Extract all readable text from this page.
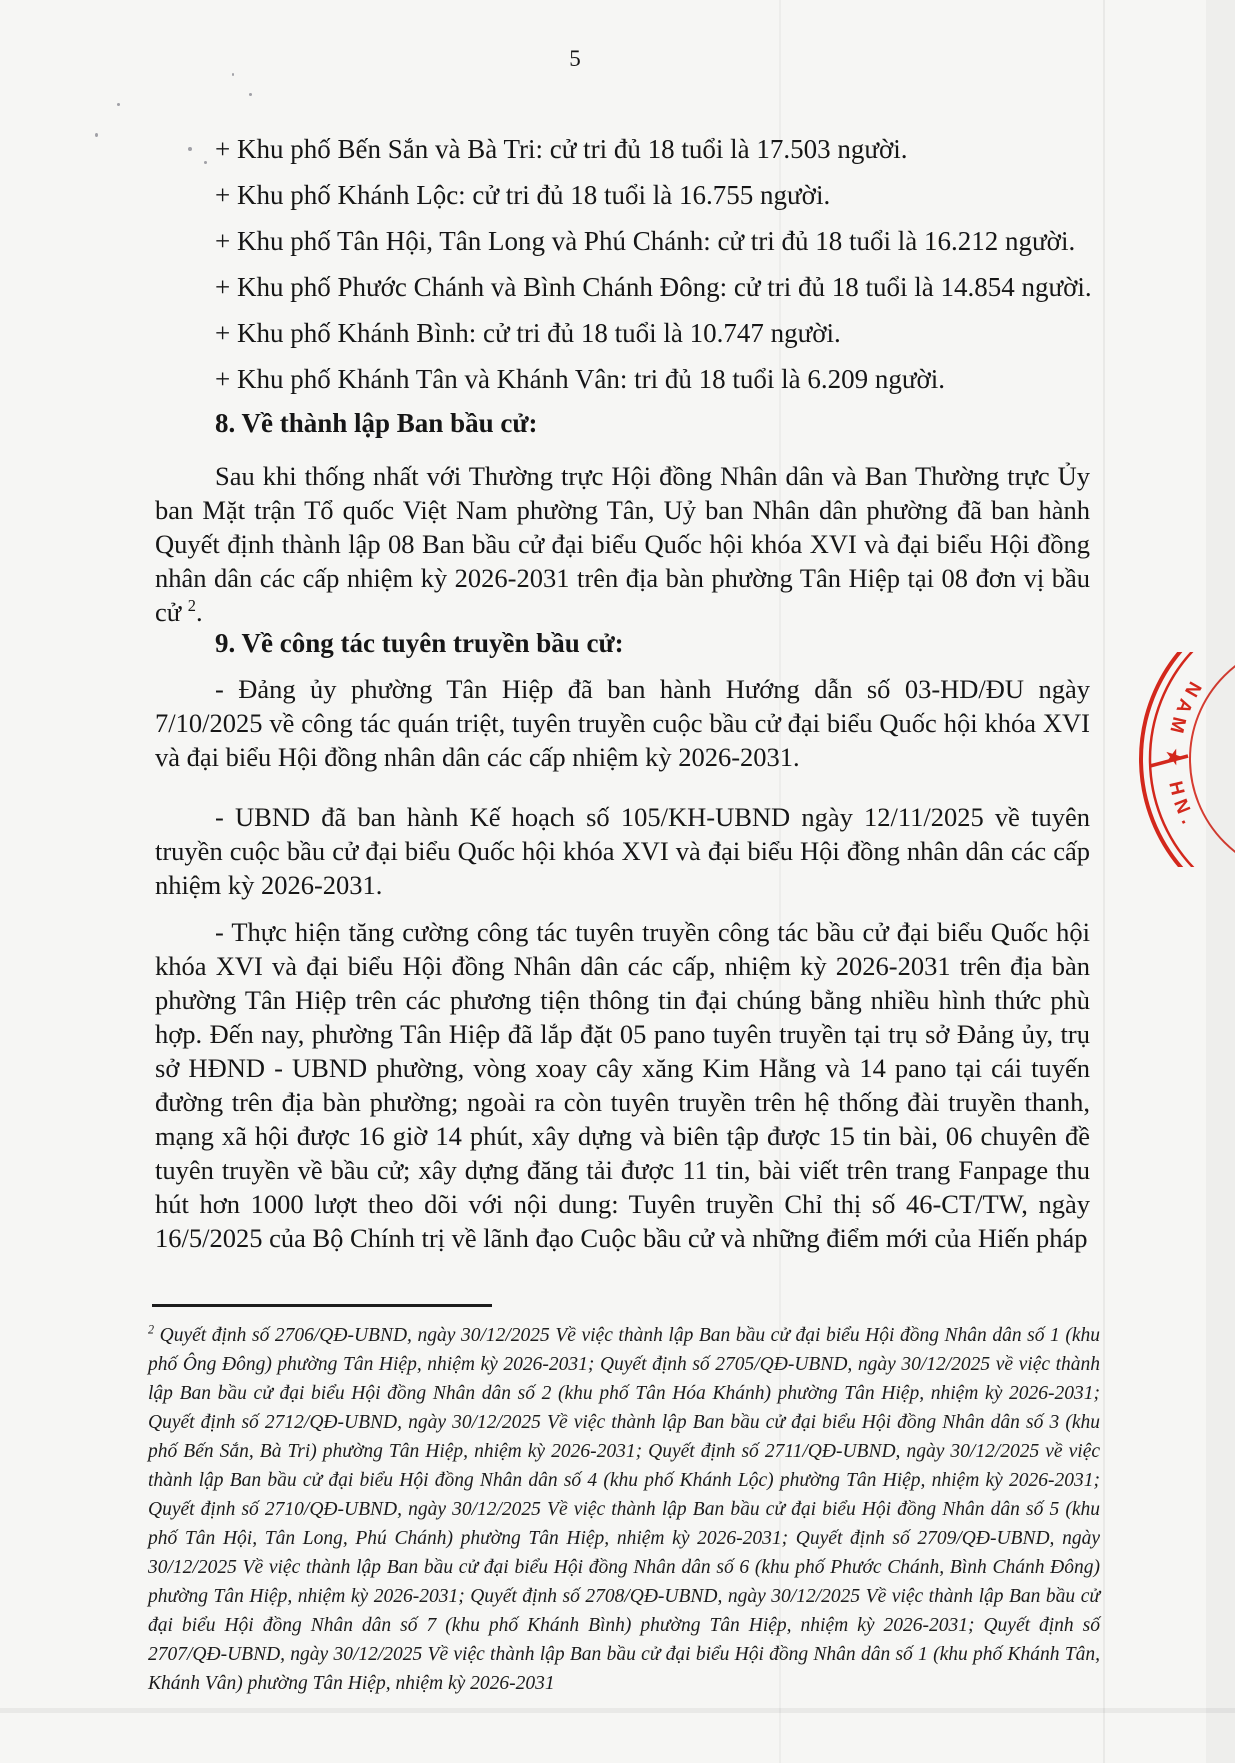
5
+ Khu phố Bến Sắn và Bà Tri: cử tri đủ 18 tuổi là 17.503 người.
+ Khu phố Khánh Lộc: cử tri đủ 18 tuổi là 16.755 người.
+ Khu phố Tân Hội, Tân Long và Phú Chánh: cử tri đủ 18 tuổi là 16.212 người.
+ Khu phố Phước Chánh và Bình Chánh Đông: cử tri đủ 18 tuổi là 14.854 người.
+ Khu phố Khánh Bình: cử tri đủ 18 tuổi là 10.747 người.
+ Khu phố Khánh Tân và Khánh Vân: tri đủ 18 tuổi là 6.209 người.
8. Về thành lập Ban bầu cử:
Sau khi thống nhất với Thường trực Hội đồng Nhân dân và Ban Thường trực Ủy ban Mặt trận Tổ quốc Việt Nam phường Tân, Uỷ ban Nhân dân phường đã ban hành Quyết định thành lập 08 Ban bầu cử đại biểu Quốc hội khóa XVI và đại biểu Hội đồng nhân dân các cấp nhiệm kỳ 2026-2031 trên địa bàn phường Tân Hiệp tại 08 đơn vị bầu cử $^2$.
9. Về công tác tuyên truyền bầu cử:
- Đảng ủy phường Tân Hiệp đã ban hành Hướng dẫn số 03-HD/ĐU ngày 7/10/2025 về công tác quán triệt, tuyên truyền cuộc bầu cử đại biểu Quốc hội khóa XVI và đại biểu Hội đồng nhân dân các cấp nhiệm kỳ 2026-2031.
- UBND đã ban hành Kế hoạch số 105/KH-UBND ngày 12/11/2025 về tuyên truyền cuộc bầu cử đại biểu Quốc hội khóa XVI và đại biểu Hội đồng nhân dân các cấp nhiệm kỳ 2026-2031.
- Thực hiện tăng cường công tác tuyên truyền công tác bầu cử đại biểu Quốc hội khóa XVI và đại biểu Hội đồng Nhân dân các cấp, nhiệm kỳ 2026-2031 trên địa bàn phường Tân Hiệp trên các phương tiện thông tin đại chúng bằng nhiều hình thức phù hợp. Đến nay, phường Tân Hiệp đã lắp đặt 05 pano tuyên truyền tại trụ sở Đảng ủy, trụ sở HĐND - UBND phường, vòng xoay cây xăng Kim Hằng và 14 pano tại cái tuyến đường trên địa bàn phường; ngoài ra còn tuyên truyền trên hệ thống đài truyền thanh, mạng xã hội được 16 giờ 14 phút, xây dựng và biên tập được 15 tin bài, 06 chuyên đề tuyên truyền về bầu cử; xây dựng đăng tải được 11 tin, bài viết trên trang Fanpage thu hút hơn 1000 lượt theo dõi với nội dung: Tuyên truyền Chỉ thị số 46-CT/TW, ngày 16/5/2025 của Bộ Chính trị về lãnh đạo Cuộc bầu cử và những điểm mới của Hiến pháp
$^2$ Quyết định số 2706/QĐ-UBND, ngày 30/12/2025 Về việc thành lập Ban bầu cử đại biểu Hội đồng Nhân dân số 1 (khu phố Ông Đông) phường Tân Hiệp, nhiệm kỳ 2026-2031; Quyết định số 2705/QĐ-UBND, ngày 30/12/2025 về việc thành lập Ban bầu cử đại biểu Hội đồng Nhân dân số 2 (khu phố Tân Hóa Khánh) phường Tân Hiệp, nhiệm kỳ 2026-2031; Quyết định số 2712/QĐ-UBND, ngày 30/12/2025 Về việc thành lập Ban bầu cử đại biểu Hội đồng Nhân dân số 3 (khu phố Bến Sắn, Bà Tri) phường Tân Hiệp, nhiệm kỳ 2026-2031; Quyết định số 2711/QĐ-UBND, ngày 30/12/2025 về việc thành lập Ban bầu cử đại biểu Hội đồng Nhân dân số 4 (khu phố Khánh Lộc) phường Tân Hiệp, nhiệm kỳ 2026-2031; Quyết định số 2710/QĐ-UBND, ngày 30/12/2025 Về việc thành lập Ban bầu cử đại biểu Hội đồng Nhân dân số 5 (khu phố Tân Hội, Tân Long, Phú Chánh) phường Tân Hiệp, nhiệm kỳ 2026-2031; Quyết định số 2709/QĐ-UBND, ngày 30/12/2025 Về việc thành lập Ban bầu cử đại biểu Hội đồng Nhân dân số 6 (khu phố Phước Chánh, Bình Chánh Đông) phường Tân Hiệp, nhiệm kỳ 2026-2031; Quyết định số 2708/QĐ-UBND, ngày 30/12/2025 Về việc thành lập Ban bầu cử đại biểu Hội đồng Nhân dân số 7 (khu phố Khánh Bình) phường Tân Hiệp, nhiệm kỳ 2026-2031; Quyết định số 2707/QĐ-UBND, ngày 30/12/2025 Về việc thành lập Ban bầu cử đại biểu Hội đồng Nhân dân số 1 (khu phố Khánh Tân, Khánh Vân) phường Tân Hiệp, nhiệm kỳ 2026-2031
NAM ★ HN.
